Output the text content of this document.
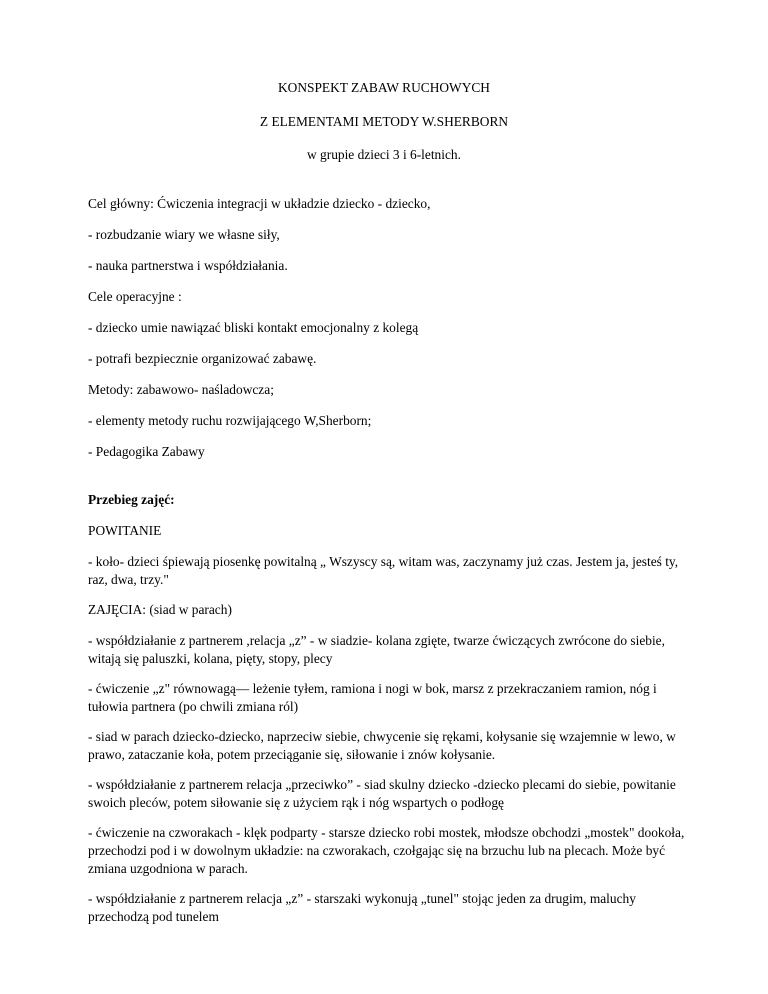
KONSPEKT ZABAW RUCHOWYCH
Z ELEMENTAMI METODY W.SHERBORN
w grupie dzieci 3 i 6-letnich.
Cel główny: Ćwiczenia integracji w układzie dziecko - dziecko,
- rozbudzanie wiary we własne siły,
- nauka partnerstwa i współdziałania.
Cele operacyjne :
- dziecko umie nawiązać bliski kontakt emocjonalny z kolegą
- potrafi bezpiecznie organizować zabawę.
Metody: zabawowo- naśladowcza;
- elementy metody ruchu rozwijającego W,Sherborn;
- Pedagogika Zabawy
Przebieg zajęć:
POWITANIE
- koło- dzieci śpiewają piosenkę powitalną „ Wszyscy są, witam was, zaczynamy już czas. Jestem ja, jesteś ty, raz, dwa, trzy."
ZAJĘCIA: (siad w parach)
- współdziałanie z partnerem ,relacja „z” - w siadzie- kolana zgięte, twarze ćwiczących zwrócone do siebie, witają się paluszki, kolana, pięty, stopy, plecy
- ćwiczenie „z" równowagą— leżenie tyłem, ramiona i nogi w bok, marsz z przekraczaniem ramion, nóg i tułowia partnera (po chwili zmiana ról)
- siad w parach dziecko-dziecko, naprzeciw siebie, chwycenie się rękami, kołysanie się wzajemnie w lewo, w prawo, zataczanie koła, potem przeciąganie się, siłowanie i znów kołysanie.
- współdziałanie z partnerem relacja „przeciwko” - siad skulny dziecko -dziecko plecami do siebie, powitanie swoich pleców, potem siłowanie się z użyciem rąk i nóg wspartych o podłogę
- ćwiczenie na czworakach - klęk podparty - starsze dziecko robi mostek, młodsze obchodzi „mostek" dookoła, przechodzi pod i w dowolnym układzie: na czworakach, czołgając się na brzuchu lub na plecach. Może być zmiana uzgodniona w parach.
- współdziałanie z partnerem relacja „z” - starszaki wykonują „tunel" stojąc jeden za drugim, maluchy przechodzą pod tunelem
